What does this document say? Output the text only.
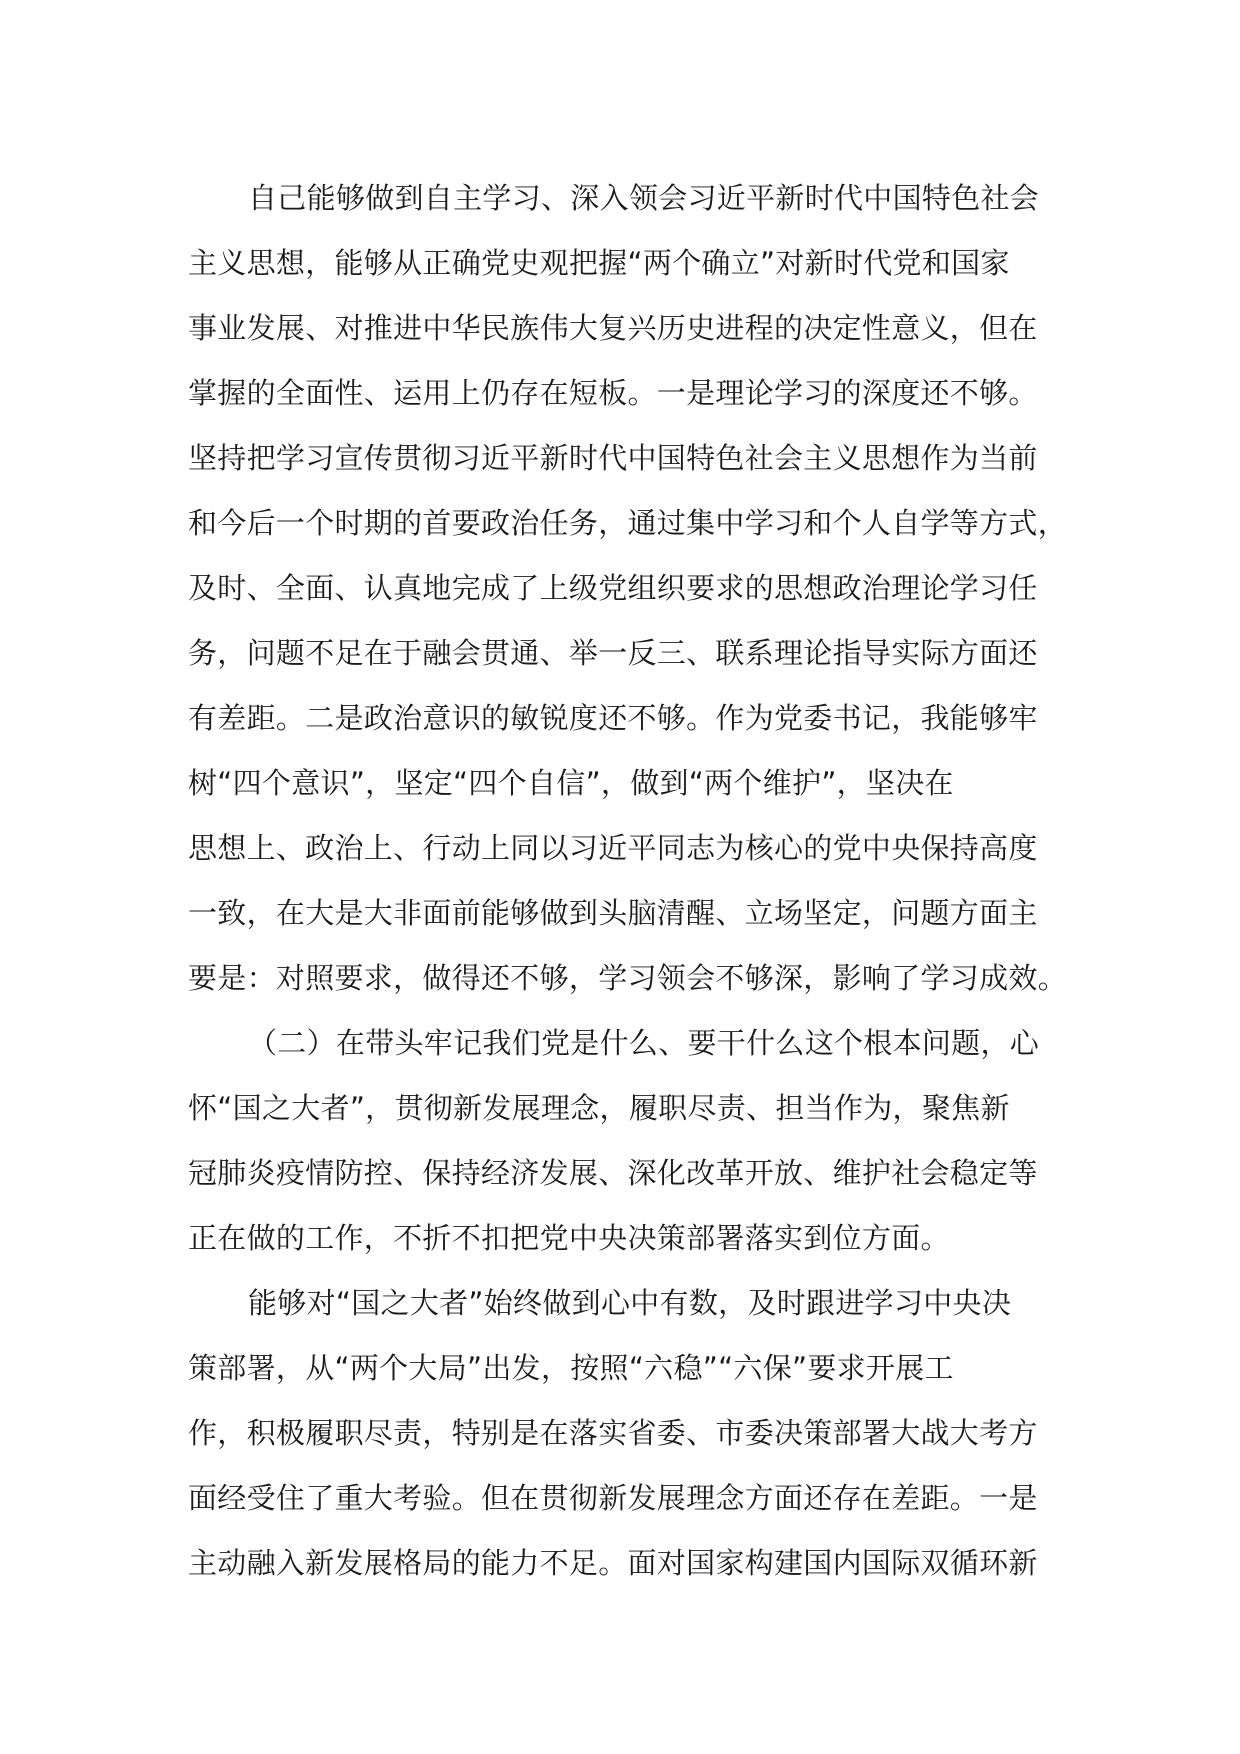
自己能够做到自主学习、深入领会习近平新时代中国特色社会
主义思想，能够从正确党史观把握“两个确立”对新时代党和国家
事业发展、对推进中华民族伟大复兴历史进程的决定性意义，但在
掌握的全面性、运用上仍存在短板。一是理论学习的深度还不够。
坚持把学习宣传贯彻习近平新时代中国特色社会主义思想作为当前
和今后一个时期的首要政治任务，通过集中学习和个人自学等方式，
及时、全面、认真地完成了上级党组织要求的思想政治理论学习任
务，问题不足在于融会贯通、举一反三、联系理论指导实际方面还
有差距。二是政治意识的敏锐度还不够。作为党委书记，我能够牢
树“四个意识”，坚定“四个自信”，做到“两个维护”，坚决在
思想上、政治上、行动上同以习近平同志为核心的党中央保持高度
一致，在大是大非面前能够做到头脑清醒、立场坚定，问题方面主
要是：对照要求，做得还不够，学习领会不够深，影响了学习成效。
（二）在带头牢记我们党是什么、要干什么这个根本问题，心
怀“国之大者”，贯彻新发展理念，履职尽责、担当作为，聚焦新
冠肺炎疫情防控、保持经济发展、深化改革开放、维护社会稳定等
正在做的工作，不折不扣把党中央决策部署落实到位方面。
能够对“国之大者”始终做到心中有数，及时跟进学习中央决
策部署，从“两个大局”出发，按照“六稳”“六保”要求开展工
作，积极履职尽责，特别是在落实省委、市委决策部署大战大考方
面经受住了重大考验。但在贯彻新发展理念方面还存在差距。一是
主动融入新发展格局的能力不足。面对国家构建国内国际双循环新
